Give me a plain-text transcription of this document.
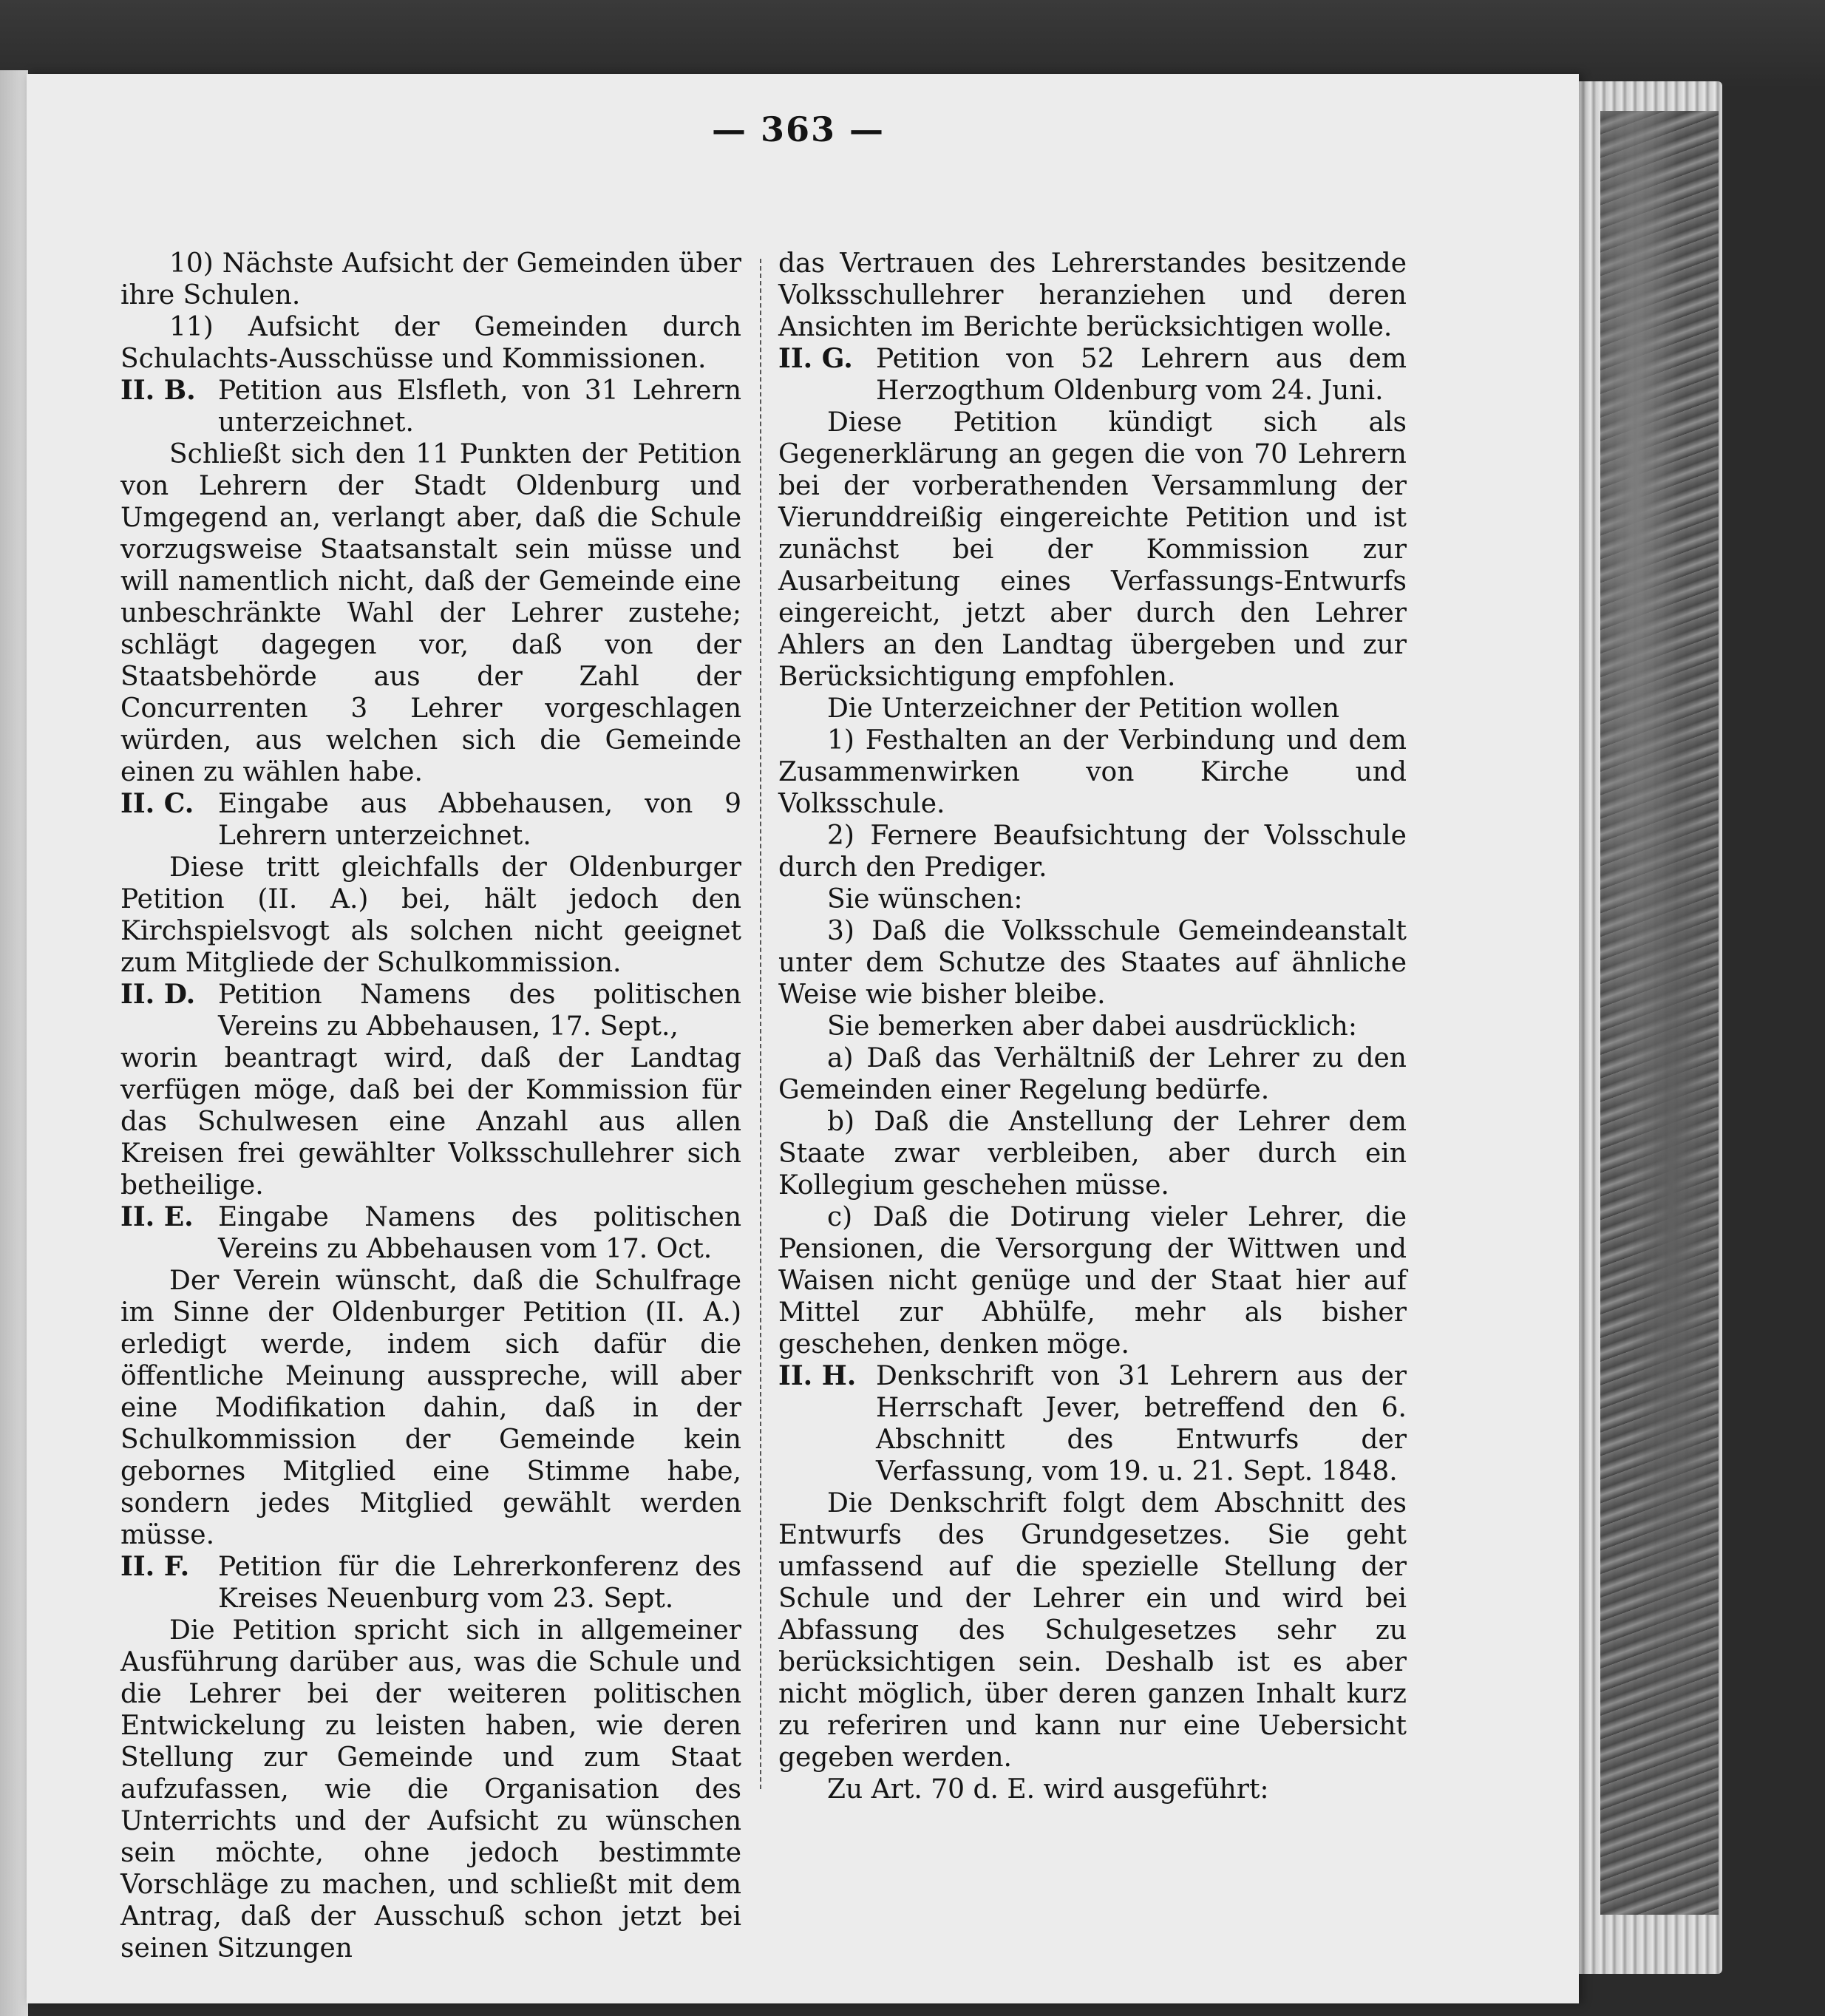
— 363 —

10) Nächste Aufsicht der Gemeinden über ihre Schulen.

11) Aufsicht der Gemeinden durch Schulachts-Ausschüsse und Kommissionen.

II. B. Petition aus Elsfleth, von 31 Lehrern unterzeichnet.

Schließt sich den 11 Punkten der Petition von Lehrern der Stadt Oldenburg und Umgegend an, verlangt aber, daß die Schule vorzugsweise Staatsanstalt sein müsse und will namentlich nicht, daß der Gemeinde eine unbeschränkte Wahl der Lehrer zustehe; schlägt dagegen vor, daß von der Staatsbehörde aus der Zahl der Concurrenten 3 Lehrer vorgeschlagen würden, aus welchen sich die Gemeinde einen zu wählen habe.

II. C. Eingabe aus Abbehausen, von 9 Lehrern unterzeichnet.

Diese tritt gleichfalls der Oldenburger Petition (II. A.) bei, hält jedoch den Kirchspielsvogt als solchen nicht geeignet zum Mitgliede der Schulkommission.

II. D. Petition Namens des politischen Vereins zu Abbehausen, 17. Sept.,

worin beantragt wird, daß der Landtag verfügen möge, daß bei der Kommission für das Schulwesen eine Anzahl aus allen Kreisen frei gewählter Volksschullehrer sich betheilige.

II. E. Eingabe Namens des politischen Vereins zu Abbehausen vom 17. Oct.

Der Verein wünscht, daß die Schulfrage im Sinne der Oldenburger Petition (II. A.) erledigt werde, indem sich dafür die öffentliche Meinung ausspreche, will aber eine Modifikation dahin, daß in der Schulkommission der Gemeinde kein gebornes Mitglied eine Stimme habe, sondern jedes Mitglied gewählt werden müsse.

II. F.	Petition für die Lehrerkonferenz des Kreises Neuenburg vom 23. Sept.

Die Petition spricht sich in allgemeiner Ausführung darüber aus, was die Schule und die Lehrer bei der weiteren politischen Entwickelung zu leisten haben, wie deren Stellung zur Gemeinde und zum Staat aufzufassen, wie die Organisation des Unterrichts und der Aufsicht zu wünschen sein möchte, ohne jedoch bestimmte Vorschläge zu machen, und schließt mit dem Antrag, daß der Ausschuß schon jetzt bei seinen Sitzungen

das Vertrauen des Lehrerstandes besitzende Volksschullehrer heranziehen und deren Ansichten im Berichte berücksichtigen wolle.

II. G. Petition von 52 Lehrern aus dem Herzogthum Oldenburg vom 24. Juni.

Diese Petition kündigt sich als Gegenerklärung an gegen die von 70 Lehrern bei der vorberathenden Versammlung der Vierunddreißig eingereichte Petition und ist zunächst bei der Kommission zur Ausarbeitung eines Verfassungs-Entwurfs eingereicht, jetzt aber durch den Lehrer Ahlers an den Landtag übergeben und zur Berücksichtigung empfohlen.

Die Unterzeichner der Petition wollen

1) Festhalten an der Verbindung und dem Zusammenwirken von Kirche und Volksschule.

2) Fernere Beaufsichtung der Volsschule durch den Prediger.

Sie wünschen:

3) Daß die Volksschule Gemeindeanstalt unter dem Schutze des Staates auf ähnliche Weise wie bisher bleibe.

Sie bemerken aber dabei ausdrücklich:

a) Daß das Verhältniß der Lehrer zu den Gemeinden einer Regelung bedürfe.

b) Daß die Anstellung der Lehrer dem Staate zwar verbleiben, aber durch ein Kollegium geschehen müsse.

c) Daß die Dotirung vieler Lehrer, die Pensionen, die Versorgung der Wittwen und Waisen nicht genüge und der Staat hier auf Mittel zur Abhülfe, mehr als bisher geschehen, denken möge.

II. H. Denkschrift von 31 Lehrern aus der Herrschaft Jever, betreffend den 6. Abschnitt des Entwurfs der Verfassung, vom 19. u. 21. Sept. 1848.

Die Denkschrift folgt dem Abschnitt des Entwurfs des Grundgesetzes. Sie geht umfassend auf die spezielle Stellung der Schule und der Lehrer ein und wird bei Abfassung des Schulgesetzes sehr zu berücksichtigen sein. Deshalb ist es aber nicht möglich, über deren ganzen Inhalt kurz zu referiren und kann nur eine Uebersicht gegeben werden.

Zu Art. 70 d. E. wird ausgeführt:
